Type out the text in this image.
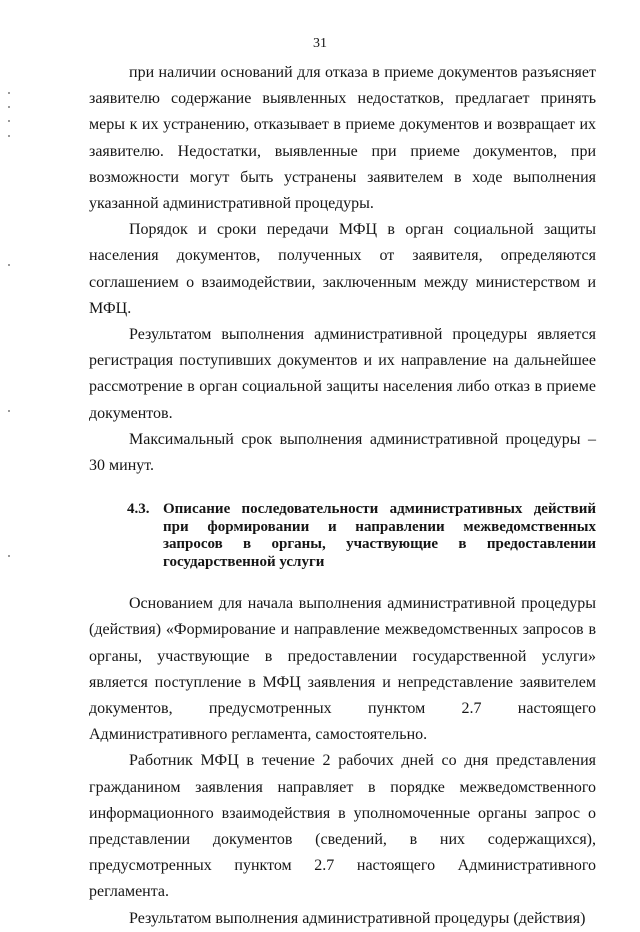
31

при наличии оснований для отказа в приеме документов разъясняет заявителю содержание выявленных недостатков, предлагает принять меры к их устранению, отказывает в приеме документов и возвращает их заявителю. Недостатки, выявленные при приеме документов, при возможности могут быть устранены заявителем в ходе выполнения указанной административной процедуры.

Порядок и сроки передачи МФЦ в орган социальной защиты населения документов, полученных от заявителя, определяются соглашением о взаимодействии, заключенным между министерством и МФЦ.

Результатом выполнения административной процедуры является регистрация поступивших документов и их направление на дальнейшее рассмотрение в орган социальной защиты населения либо отказ в приеме документов.

Максимальный срок выполнения административной процедуры – 30 минут.

4.3. Описание последовательности административных действий при формировании и направлении межведомственных запросов в органы, участвующие в предоставлении государственной услуги

Основанием для начала выполнения административной процедуры (действия) «Формирование и направление межведомственных запросов в органы, участвующие в предоставлении государственной услуги» является поступление в МФЦ заявления и непредставление заявителем документов, предусмотренных пунктом 2.7 настоящего Административного регламента, самостоятельно.

Работник МФЦ в течение 2 рабочих дней со дня представления гражданином заявления направляет в порядке межведомственного информационного взаимодействия в уполномоченные органы запрос о представлении документов (сведений, в них содержащихся), предусмотренных пунктом 2.7 настоящего Административного регламента.

Результатом выполнения административной процедуры (действия)
